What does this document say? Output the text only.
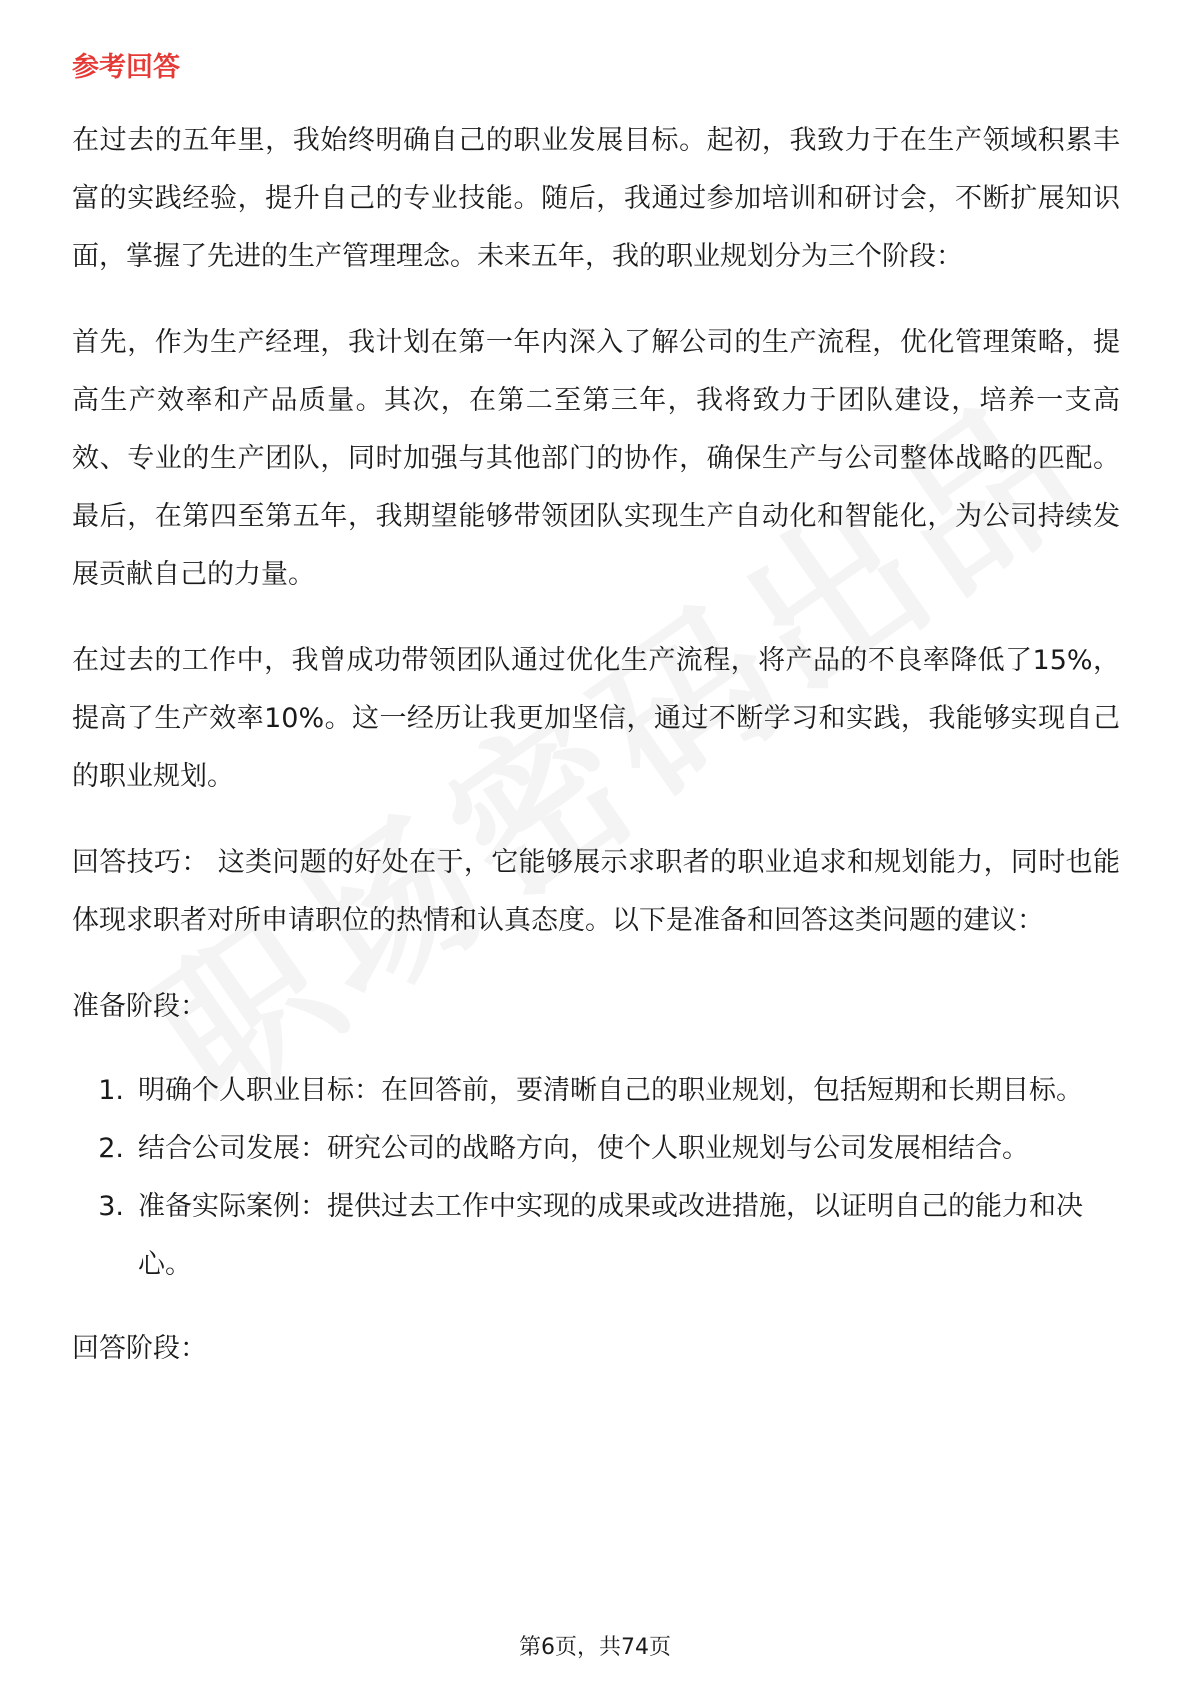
参考回答

在过去的五年里，我始终明确自己的职业发展目标。起初，我致力于在生产领域积累丰富的实践经验，提升自己的专业技能。随后，我通过参加培训和研讨会，不断扩展知识面，掌握了先进的生产管理理念。未来五年，我的职业规划分为三个阶段：

首先，作为生产经理，我计划在第一年内深入了解公司的生产流程，优化管理策略，提高生产效率和产品质量。其次，在第二至第三年，我将致力于团队建设，培养一支高效、专业的生产团队，同时加强与其他部门的协作，确保生产与公司整体战略的匹配。最后，在第四至第五年，我期望能够带领团队实现生产自动化和智能化，为公司持续发展贡献自己的力量。

在过去的工作中，我曾成功带领团队通过优化生产流程，将产品的不良率降低了15%，提高了生产效率10%。这一经历让我更加坚信，通过不断学习和实践，我能够实现自己的职业规划。

回答技巧： 这类问题的好处在于，它能够展示求职者的职业追求和规划能力，同时也能体现求职者对所申请职位的热情和认真态度。以下是准备和回答这类问题的建议：

准备阶段：
1. 明确个人职业目标：在回答前，要清晰自己的职业规划，包括短期和长期目标。
2. 结合公司发展：研究公司的战略方向，使个人职业规划与公司发展相结合。
3. 准备实际案例：提供过去工作中实现的成果或改进措施，以证明自己的能力和决心。
回答阶段：
第6页，共74页
